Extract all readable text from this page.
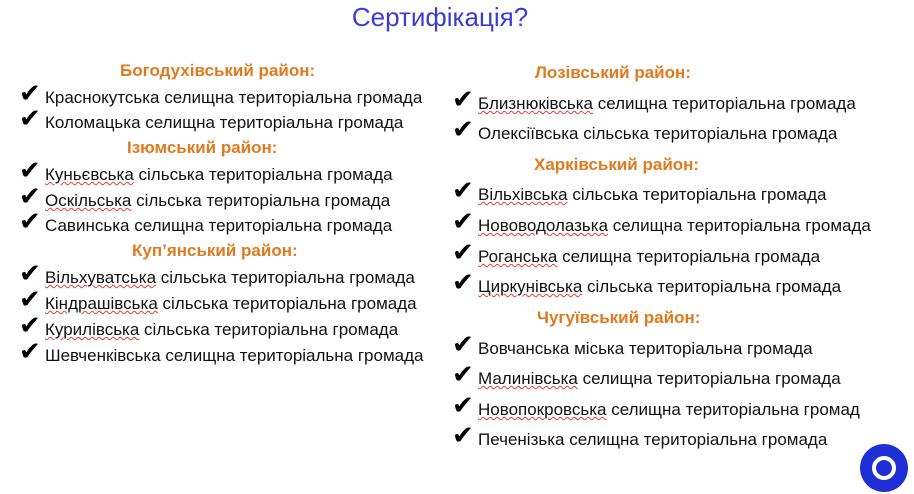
Сертифікація?
Богодухівський район:
✔ Краснокутська селищна територіальна громада
✔ Коломацька селищна територіальна громада
Ізюмський район:
✔ Куньєвська сільська територіальна громада
✔ Оскільська сільська територіальна громада
✔ Савинська селищна територіальна громада
Куп’янський район:
✔ Вільхуватська сільська територіальна громада
✔ Кіндрашівська сільська територіальна громада
✔ Курилівська сільська територіальна громада
✔ Шевченківська селищна територіальна громада
Лозівський район:
✔ Близнюківська селищна територіальна громада
✔ Олексіївська сільська територіальна громада
Харківський район:
✔ Вільхівська сільська територіальна громада
✔ Нововодолазька селищна територіальна громада
✔ Роганська селищна територіальна громада
✔ Циркунівська сільська територіальна громада
Чугуївський район:
✔ Вовчанська міська територіальна громада
✔ Малинівська селищна територіальна громада
✔ Новопокровська селищна територіальна громад
✔ Печенізька селищна територіальна громада
